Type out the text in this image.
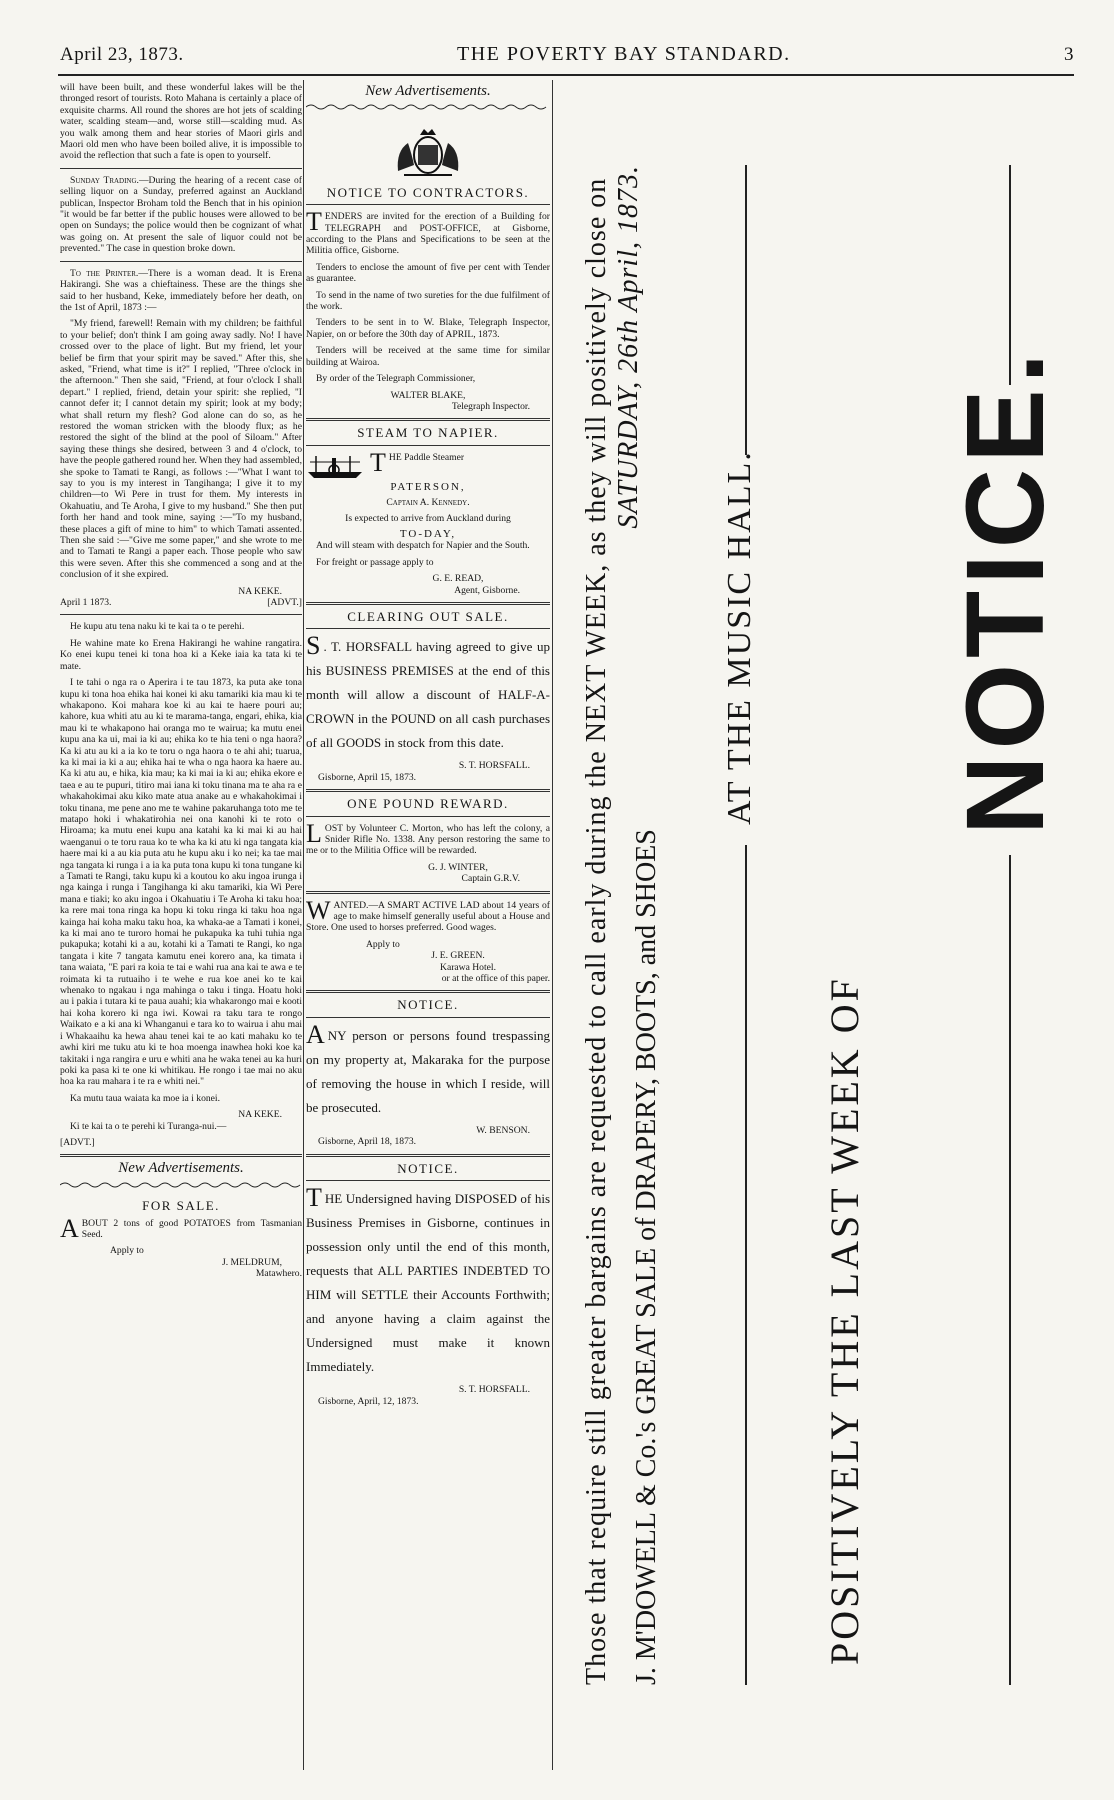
April 23, 1873.	THE POVERTY BAY STANDARD.	3

will have been built, and these wonderful lakes will be the thronged resort of tourists. Roto Mahana is certainly a place of exquisite charms. All round the shores are hot jets of scalding water, scalding steam—and, worse still—scalding mud. As you walk among them and hear stories of Maori girls and Maori old men who have been boiled alive, it is impossible to avoid the reflection that such a fate is open to yourself.

Sunday Trading.—During the hearing of a recent case of selling liquor on a Sunday, preferred against an Auckland publican, Inspector Broham told the Bench that in his opinion "it would be far better if the public houses were allowed to be open on Sundays; the police would then be cognizant of what was going on. At present the sale of liquor could not be prevented." The case in question broke down.

To the Printer.—There is a woman dead. It is Erena Hakirangi. She was a chieftainess. These are the things she said to her husband, Keke, immediately before her death, on the 1st of April, 1873 :—

"My friend, farewell! Remain with my children; be faithful to your belief; don't think I am going away sadly. No! I have crossed over to the place of light. But my friend, let your belief be firm that your spirit may be saved." After this, she asked, "Friend, what time is it?" I replied, "Three o'clock in the afternoon." Then she said, "Friend, at four o'clock I shall depart." I replied, friend, detain your spirit: she replied, "I cannot defer it; I cannot detain my spirit; look at my body; what shall return my flesh? God alone can do so, as he restored the woman stricken with the bloody flux; as he restored the sight of the blind at the pool of Siloam." After saying these things she desired, between 3 and 4 o'clock, to have the people gathered round her. When they had assembled, she spoke to Tamati te Rangi, as follows :—"What I want to say to you is my interest in Tangihanga; I give it to my children—to Wi Pere in trust for them. My interests in Okahuatiu, and Te Aroha, I give to my husband." She then put forth her hand and took mine, saying :—"To my husband, these places a gift of mine to him" to which Tamati assented. Then she said :—"Give me some paper," and she wrote to me and to Tamati te Rangi a paper each. Those people who saw this were seven. After this she commenced a song and at the conclusion of it she expired.

NA KEKE.
April 1 1873.	[ADVT.]

He kupu atu tena naku ki te kai ta o te perehi.

He wahine mate ko Erena Hakirangi he wahine rangatira. Ko enei kupu tenei ki tona hoa ki a Keke iaia ka tata ki te mate.

I te tahi o nga ra o Aperira i te tau 1873, ka puta ake tona kupu ki tona hoa ehika hai konei ki aku tamariki kia mau ki te whakapono. Koi mahara koe ki au kai te haere pouri au; kahore, kua whiti atu au ki te marama-tanga, engari, ehika, kia mau ki te whakapono hai oranga mo te wairua; ka mutu enei kupu ana ka ui, mai ia ki au; ehika ko te hia teni o nga haora? Ka ki atu au ki a ia ko te toru o nga haora o te ahi ahi; tuarua, ka ki mai ia ki a au; ehika hai te wha o nga haora ka haere au. Ka ki atu au, e hika, kia mau; ka ki mai ia ki au; ehika ekore e taea e au te pupuri, titiro mai iana ki toku tinana ma te aha ra e whakahokimai aku kiko mate atua anake au e whakahokimai i toku tinana, me pene ano me te wahine pakaruhanga toto me te matapo hoki i whakatirohia nei ona kanohi ki te roto o Hiroama; ka mutu enei kupu ana katahi ka ki mai ki au hai waenganui o te toru raua ko te wha ka ki atu ki nga tangata kia haere mai ki a au kia puta atu he kupu aku i ko nei; ka tae mai nga tangata ki runga i a ia ka puta tona kupu ki tona tungane ki a Tamati te Rangi, taku kupu ki a koutou ko aku ingoa irunga i nga kainga i runga i Tangihanga ki aku tamariki, kia Wi Pere mana e tiaki; ko aku ingoa i Okahuatiu i Te Aroha ki taku hoa; ka rere mai tona ringa ka hopu ki toku ringa ki taku hoa nga kainga hai koha maku taku hoa, ka whaka-ae a Tamati i konei, ka ki mai ano te turoro homai he pukapuka ka tuhi tuhia nga pukapuka; kotahi ki a au, kotahi ki a Tamati te Rangi, ko nga tangata i kite 7 tangata kamutu enei korero ana, ka timata i tana waiata, "E pari ra koia te tai e wahi rua ana kai te awa e te roimata ki ta rutuaiho i te wehe e rua koe anei ko te kai whenako to ngakau i nga mahinga o taku i tinga. Hoatu hoki au i pakia i tutara ki te paua auahi; kia whakarongo mai e kooti hai koha korero ki nga iwi. Kowai ra taku tara te rongo Waikato e a ki ana ki Whanganui e tara ko to wairua i ahu mai i Whakaaihu ka hewa ahau tenei kai te ao kati mahaku ko te awhi kiri me tuku atu ki te hoa moenga inawhea hoki koe ka takitaki i nga rangira e uru e whiti ana he waka tenei au ka huri poki ka pasa ki te one ki whitikau. He rongo i tae mai no aku hoa ka rau mahara i te ra e whiti nei."

Ka mutu taua waiata ka moe ia i konei.

NA KEKE.

Ki te kai ta o te perehi ki Turanga-nui.—

[ADVT.]
New Advertisements.
FOR SALE.

ABOUT 2 tons of good POTATOES from Tasmanian Seed.

Apply to
J. MELDRUM,
Matawhero.
New Advertisements.
NOTICE TO CONTRACTORS.

TENDERS are invited for the erection of a Building for TELEGRAPH and POST-OFFICE, at Gisborne, according to the Plans and Specifications to be seen at the Militia office, Gisborne.

Tenders to enclose the amount of five per cent with Tender as guarantee.

To send in the name of two sureties for the due fulfilment of the work.

Tenders to be sent in to W. Blake, Telegraph Inspector, Napier, on or before the 30th day of APRIL, 1873.

Tenders will be received at the same time for similar building at Wairoa.

By order of the Telegraph Commissioner,

WALTER BLAKE,
Telegraph Inspector.
STEAM TO NAPIER.
THE Paddle Steamer
PATERSON,
Captain A. Kennedy.

Is expected to arrive from Auckland during

TO-DAY,

And will steam with despatch for Napier and the South.

For freight or passage apply to

G. E. READ,
Agent, Gisborne.
CLEARING OUT SALE.

S . T. HORSFALL having agreed to give up his BUSINESS PREMISES at the end of this month will allow a discount of HALF-A-CROWN in the POUND on all cash purchases of all GOODS in stock from this date.

S. T. HORSFALL.
Gisborne, April 15, 1873.
ONE POUND REWARD.

LOST by Volunteer C. Morton, who has left the colony, a Snider Rifle No. 1338. Any person restoring the same to me or to the Militia Office will be rewarded.

G. J. WINTER,
Captain G.R.V.

WANTED.—A SMART ACTIVE LAD about 14 years of age to make himself generally useful about a House and Store. One used to horses preferred. Good wages.

Apply to
J. E. GREEN.
Karawa Hotel.
or at the office of this paper.
NOTICE.

ANY person or persons found trespassing on my property at, Makaraka for the purpose of removing the house in which I reside, will be prosecuted.

W. BENSON.
Gisborne, April 18, 1873.
NOTICE.

THE Undersigned having DISPOSED of his Business Premises in Gisborne, continues in possession only until the end of this month, requests that ALL PARTIES INDEBTED TO HIM will SETTLE their Accounts Forthwith; and anyone having a claim against the Undersigned must make it known Immediately.

S. T. HORSFALL.
Gisborne, April, 12, 1873.	Those that require still greater bargains are requested to call early during the NEXT WEEK, as they will positively close on SATURDAY, 26th April, 1873.
J. M'DOWELL & Co.'s GREAT SALE of DRAPERY, BOOTS, and SHOES
AT THE MUSIC HALL.
POSITIVELY THE LAST WEEK OF
NOTICE.
